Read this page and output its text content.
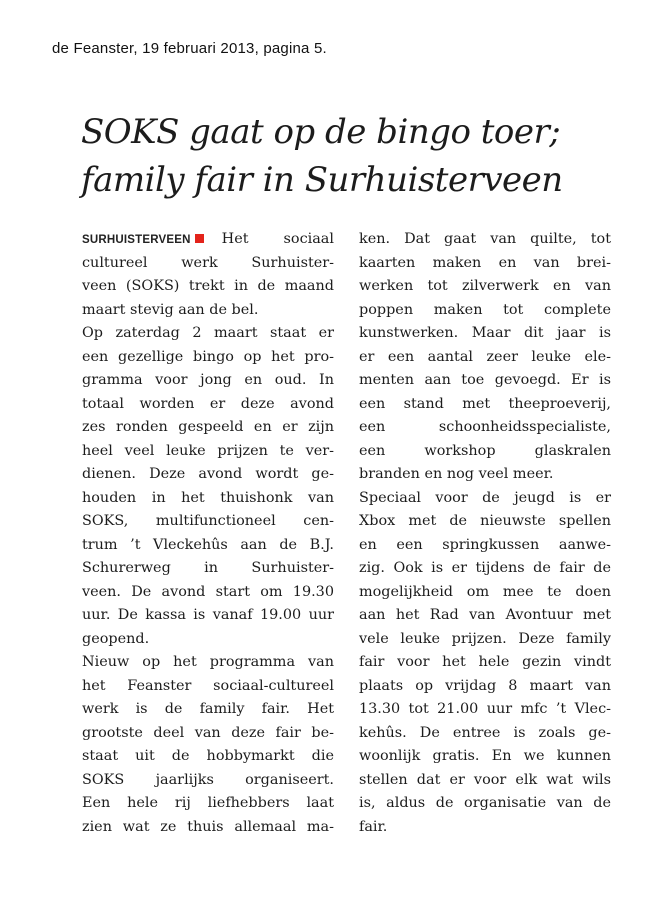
de Feanster, 19 februari 2013, pagina 5.
SOKS gaat op de bingo toer;
family fair in Surhuisterveen
SURHUISTERVEEN Het sociaal
cultureel werk Surhuister-
veen (SOKS) trekt in de maand
maart stevig aan de bel.
Op zaterdag 2 maart staat er
een gezellige bingo op het pro-
gramma voor jong en oud. In
totaal worden er deze avond
zes ronden gespeeld en er zijn
heel veel leuke prijzen te ver-
dienen. Deze avond wordt ge-
houden in het thuishonk van
SOKS, multifunctioneel cen-
trum ’t Vleckehûs aan de B.J.
Schurerweg in Surhuister-
veen. De avond start om 19.30
uur. De kassa is vanaf 19.00 uur
geopend.
Nieuw op het programma van
het Feanster sociaal-cultureel
werk is de family fair. Het
grootste deel van deze fair be-
staat uit de hobbymarkt die
SOKS jaarlijks organiseert.
Een hele rij liefhebbers laat
zien wat ze thuis allemaal ma-
ken. Dat gaat van quilte, tot
kaarten maken en van brei-
werken tot zilverwerk en van
poppen maken tot complete
kunstwerken. Maar dit jaar is
er een aantal zeer leuke ele-
menten aan toe gevoegd. Er is
een stand met theeproeverij,
een schoonheidsspecialiste,
een workshop glaskralen
branden en nog veel meer.
Speciaal voor de jeugd is er
Xbox met de nieuwste spellen
en een springkussen aanwe-
zig. Ook is er tijdens de fair de
mogelijkheid om mee te doen
aan het Rad van Avontuur met
vele leuke prijzen. Deze family
fair voor het hele gezin vindt
plaats op vrijdag 8 maart van
13.30 tot 21.00 uur mfc ’t Vlec-
kehûs. De entree is zoals ge-
woonlijk gratis. En we kunnen
stellen dat er voor elk wat wils
is, aldus de organisatie van de
fair.
